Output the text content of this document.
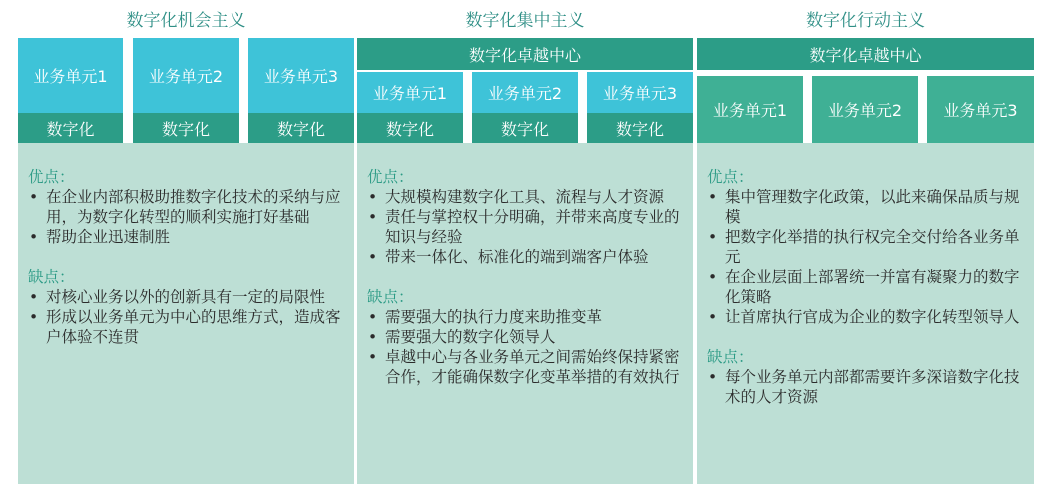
数字化机会主义
业务单元1	业务单元2	业务单元3
数字化	数字化	数字化
优点：
• 在企业内部积极助推数字化技术的采纳与应用，为数字化转型的顺利实施打好基础
• 帮助企业迅速制胜
缺点：
• 对核心业务以外的创新具有一定的局限性
• 形成以业务单元为中心的思维方式，造成客户体验不连贯
数字化集中主义
数字化卓越中心
业务单元1	业务单元2	业务单元3
数字化	数字化	数字化
优点：
• 大规模构建数字化工具、流程与人才资源
• 责任与掌控权十分明确，并带来高度专业的知识与经验
• 带来一体化、标准化的端到端客户体验
缺点：
• 需要强大的执行力度来助推变革
• 需要强大的数字化领导人
• 卓越中心与各业务单元之间需始终保持紧密合作，才能确保数字化变革举措的有效执行
数字化行动主义
数字化卓越中心
业务单元1	业务单元2	业务单元3
优点：
• 集中管理数字化政策，以此来确保品质与规模
• 把数字化举措的执行权完全交付给各业务单元
• 在企业层面上部署统一并富有凝聚力的数字化策略
• 让首席执行官成为企业的数字化转型领导人
缺点：
• 每个业务单元内部都需要许多深谙数字化技术的人才资源
